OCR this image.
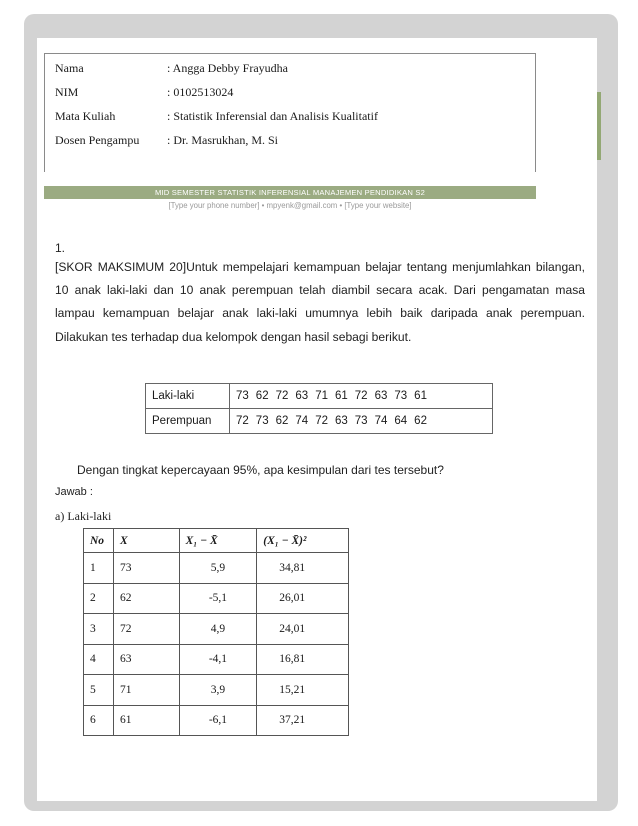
Nama	: Angga Debby Frayudha
NIM	: 0102513024
Mata Kuliah	: Statistik Inferensial dan Analisis Kualitatif
Dosen Pengampu	: Dr. Masrukhan, M. Si
MID SEMESTER STATISTIK INFERENSIAL MANAJEMEN PENDIDIKAN S2
[Type your phone number] • mpyenk@gmail.com • [Type your website]
1.
[SKOR MAKSIMUM 20]Untuk mempelajari kemampuan belajar tentang menjumlahkan bilangan, 10 anak laki-laki dan 10 anak perempuan telah diambil secara acak. Dari pengamatan masa lampau kemampuan belajar anak laki-laki umumnya lebih baik daripada anak perempuan. Dilakukan tes terhadap dua kelompok dengan hasil sebagi berikut.
Laki-laki	73 62 72 63 71 61 72 63 73 61
Perempuan	72 73 62 74 72 63 73 74 64 62
Dengan tingkat kepercayaan 95%, apa kesimpulan dari tes tersebut?
Jawab :
a) Laki-laki
No	X	X₁ − X̄	(X₁ − X̄)²
1	73	5,9	34,81
2	62	-5,1	26,01
3	72	4,9	24,01
4	63	-4,1	16,81
5	71	3,9	15,21
6	61	-6,1	37,21
